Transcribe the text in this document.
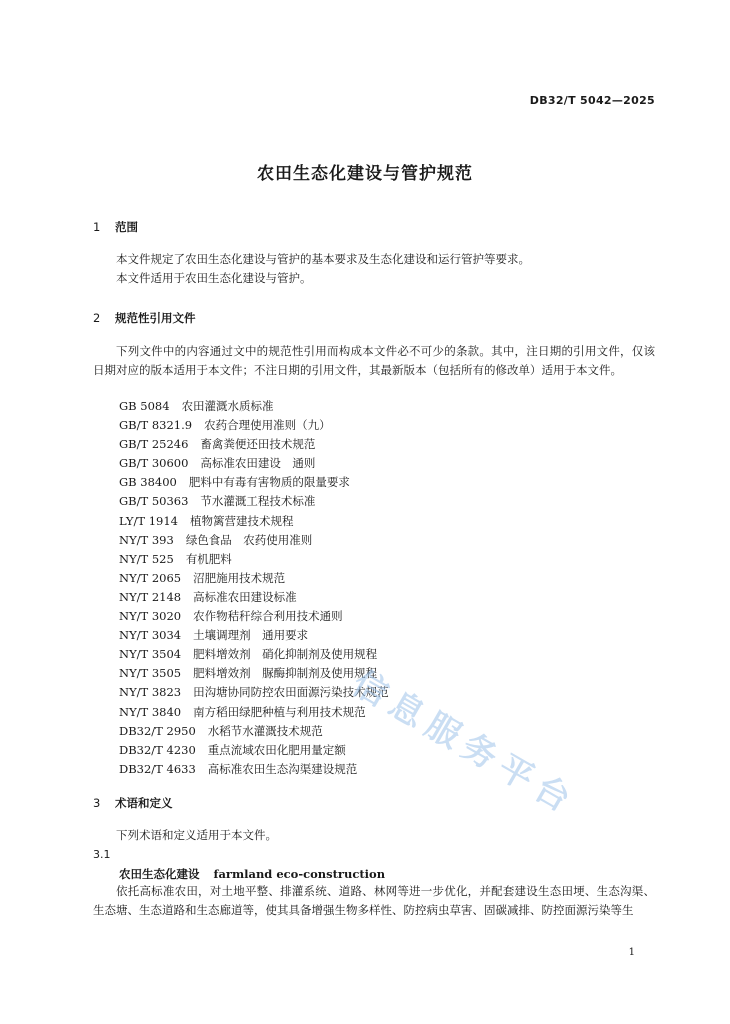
DB32/T 5042—2025
农田生态化建设与管护规范
1 范围

本文件规定了农田生态化建设与管护的基本要求及生态化建设和运行管护等要求。

本文件适用于农田生态化建设与管护。

2 规范性引用文件

下列文件中的内容通过文中的规范性引用而构成本文件必不可少的条款。其中，注日期的引用文件，仅该日期对应的版本适用于本文件；不注日期的引用文件，其最新版本（包括所有的修改单）适用于本文件。

GB 5084 农田灌溉水质标准
GB/T 8321.9 农药合理使用准则（九）
GB/T 25246 畜禽粪便还田技术规范
GB/T 30600 高标准农田建设　通则
GB 38400 肥料中有毒有害物质的限量要求
GB/T 50363 节水灌溉工程技术标准
LY/T 1914 植物篱营建技术规程
NY/T 393 绿色食品　农药使用准则
NY/T 525 有机肥料
NY/T 2065 沼肥施用技术规范
NY/T 2148 高标准农田建设标准
NY/T 3020 农作物秸秆综合利用技术通则
NY/T 3034 土壤调理剂　通用要求
NY/T 3504 肥料增效剂　硝化抑制剂及使用规程
NY/T 3505 肥料增效剂　脲酶抑制剂及使用规程
NY/T 3823 田沟塘协同防控农田面源污染技术规范
NY/T 3840 南方稻田绿肥种植与利用技术规范
DB32/T 2950 水稻节水灌溉技术规范
DB32/T 4230 重点流域农田化肥用量定额
DB32/T 4633 高标准农田生态沟渠建设规范
3 术语和定义

下列术语和定义适用于本文件。

3.1
农田生态化建设 farmland eco-construction

依托高标准农田，对土地平整、排灌系统、道路、林网等进一步优化，并配套建设生态田埂、生态沟渠、生态塘、生态道路和生态廊道等，使其具备增强生物多样性、防控病虫草害、固碳减排、防控面源污染等生

1
信息服务平台
